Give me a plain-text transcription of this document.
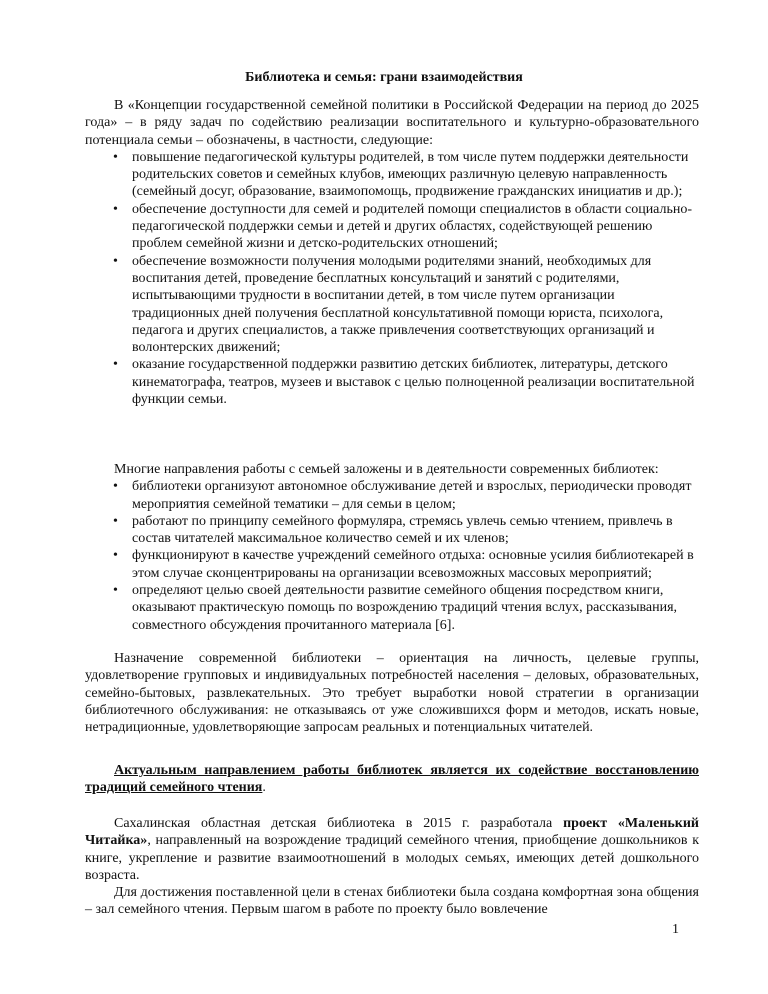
Библиотека и семья: грани взаимодействия

В «Концепции государственной семейной политики в Российской Федерации на период до 2025 года» – в ряду задач по содействию реализации воспитательного и культурно-образовательного потенциала семьи – обозначены, в частности, следующие:

• повышение педагогической культуры родителей, в том числе путем поддержки деятельности родительских советов и семейных клубов, имеющих различную целевую направленность (семейный досуг, образование, взаимопомощь, продвижение гражданских инициатив и др.);
• обеспечение доступности для семей и родителей помощи специалистов в области социально-педагогической поддержки семьи и детей и других областях, содействующей решению проблем семейной жизни и детско-родительских отношений;
• обеспечение возможности получения молодыми родителями знаний, необходимых для воспитания детей, проведение бесплатных консультаций и занятий с родителями, испытывающими трудности в воспитании детей, в том числе путем организации традиционных дней получения бесплатной консультативной помощи юриста, психолога, педагога и других специалистов, а также привлечения соответствующих организаций и волонтерских движений;
• оказание государственной поддержки развитию детских библиотек, литературы, детского кинематографа, театров, музеев и выставок с целью полноценной реализации воспитательной функции семьи.

Многие направления работы с семьей заложены и в деятельности современных библиотек:

• библиотеки организуют автономное обслуживание детей и взрослых, периодически проводят мероприятия семейной тематики – для семьи в целом;
• работают по принципу семейного формуляра, стремясь увлечь семью чтением, привлечь в состав читателей максимальное количество семей и их членов;
• функционируют в качестве учреждений семейного отдыха: основные усилия библиотекарей в этом случае сконцентрированы на организации всевозможных массовых мероприятий;
• определяют целью своей деятельности развитие семейного общения посредством книги, оказывают практическую помощь по возрождению традиций чтения вслух, рассказывания, совместного обсуждения прочитанного материала [6].

Назначение современной библиотеки – ориентация на личность, целевые группы, удовлетворение групповых и индивидуальных потребностей населения – деловых, образовательных, семейно-бытовых, развлекательных. Это требует выработки новой стратегии в организации библиотечного обслуживания: не отказываясь от уже сложившихся форм и методов, искать новые, нетрадиционные, удовлетворяющие запросам реальных и потенциальных читателей.

Актуальным направлением работы библиотек является их содействие восстановлению традиций семейного чтения.

Сахалинская областная детская библиотека в 2015 г. разработала проект «Маленький Читайка», направленный на возрождение традиций семейного чтения, приобщение дошкольников к книге, укрепление и развитие взаимоотношений в молодых семьях, имеющих детей дошкольного возраста.

Для достижения поставленной цели в стенах библиотеки была создана комфортная зона общения – зал семейного чтения. Первым шагом в работе по проекту было вовлечение

1
